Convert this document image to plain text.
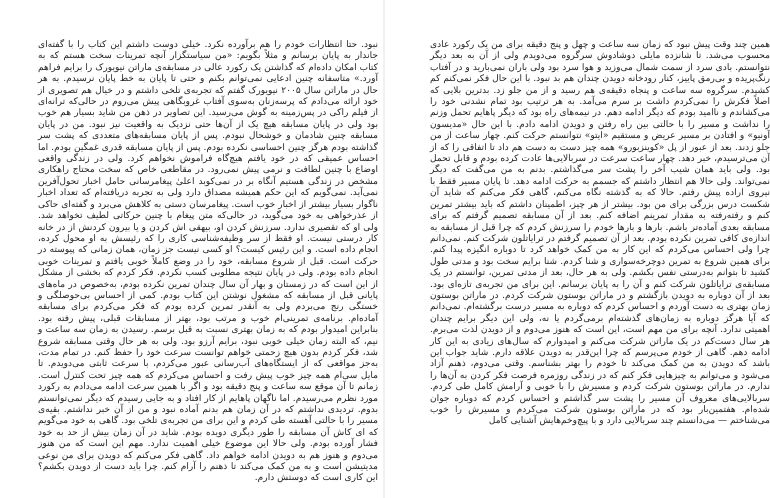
نبود. حتا انتظارات خودم را هم برآورده نکرد. خیلی دوست داشتم این کتاب را با گفته‌ای جاندار به پایان برسانم و مثلاً بگویم: «من سیاستگزار آنچه تمرینات سخت هستم که به کتاب امکان داده‌ام که گذاشتن یک رکورد عالی در مسابقه‌ی ماراتن نیویورک را برایم فراهم آورد.» متاسفانه چنین ادعایی نمی‌توانم بکنم و حتی تا پایان به خط پایان نرسیدم. به هر حال در ماراتن سال ۲۰۰۵ نیویورک گفتم که تجربه‌ی تلخی داشتم و در خیال هم تصویری از خود ارائه می‌دادم که پرسه‌زنان به‌سوی آفتاب غروبگاهی پیش می‌روم در حالی‌که ترانه‌ای از فیلم راکی در پس‌زمینه به گوش می‌رسید. این تصاویر در ذهن من شاید بسیار هم خوب بود ولی در پایان مسابقه هیچ یک از آن‌ها حتی نزدیک به واقعیت نیز نبود. من در پایان مسابقه چنین شادمان و خوشحال نبودم. پس از پایان مسابقه‌های متعددی که پشت سر گذاشته بودم هرگز چنین احساسی نکرده بودم. پس از پایان مسابقه قدری غمگین بودم. اما احساس عمیقی که در خود یافتم هیچ‌گاه فراموش نخواهم کرد. ولی در زندگی واقعی اوضاع با چنین لطافت و نرمی پیش نمی‌رود. در مقاطعی خاص که سخت محتاج راهکاری مشخص در زندگی هستیم آنگاه بر در نمی‌کوبد اعلیٰ پیغامرسانی حامل اخبار تحول‌آفرین نمی‌آید. نمی‌گویم که این حکم همیشه مصداق دارد ولی به تجربه دریافته‌ام که تعداد اخبار ناگوار بسیار بیشتر از اخبار خوب است. پیغامرسان دستی به کلاهش می‌برد و گفته‌ای حاکی از عذرخواهی به خود می‌گوید، در حالی‌که متن پیغام با چنین حرکاتی لطیف تخواهد شد. ولی او که تقصیری ندارد. سرزنش کردن او، بیهقی اش کردن و یا بیرون کردنش از در خانه کار درستی نیست. او فقط از سر وظیفه‌شناسی کاری را که رئیسش به او محول کرده، انجام داده است. و این رئیس کیست؟ او کسی نیست جز زمان، همان زمانی که پیوسته در حرکت است. قبل از شروع مسابقه، خود را در وضع کاملاً خوبی یافتم و تمرینات خوبی انجام داده بودم. ولی در پایان نتیجه مطلوبی کسب نکردم. فکر کردم که بخشی از مشکل از این است که در زمستان و بهار آن سال چندان تمرین نکرده بودم، به‌خصوص در ماه‌های پایانی قبل از مسابقه که مشغول نوشتن این کتاب بودم. کمی از احساس بی‌حوصلگی و خستگی رنج می‌بردم ولی به آنقدر تمرین کرده بودم که فکر می‌کردم برای مسابقه آماده‌ام. برنامه‌ی تمرینی‌ام خوب و مرتب بود، بهتر از مسابقات قبلی، پیش رفته بود. بنابراین امیدوار بودم که به زمان بهتری نسبت به قبل برسم. رسیدن به زمان سه ساعت و نیم، که البته زمان خیلی خوبی نبود، برایم آرزو بود. ولی به هر حال وقتی مسابقه شروع شد، فکر کردم بدون هیچ زحمتی خواهم توانست سرعت خود را حفظ کنم. در تمام مدت، به‌جز مواقعی که از ایستگاه‌های آب‌رسانی عبور می‌کردم، با سرعت ثابتی می‌دویدم. تا مایل سی‌ام همه چیز خوب پیش رفت و احساس می‌کردم که همه چیز تحت کنترل است. زمانم تا آن موقع سه ساعت و پنج دقیقه بود و اگر با همین سرعت ادامه می‌دادم به رکورد مورد نظرم می‌رسیدم. اما ناگهان پاهایم از کار افتاد و به جایی رسیدم که دیگر نمی‌توانستم بدوم. تردیدی نداشتم که در آن زمان هم بدنم آماده نبود و من از آن خبر نداشتم. بقیه‌ی مسیر را با حالتی آهسته طی کردم و این برای من تجربه‌ی تلخی بود. گاهی به خود می‌گویم که ای کاش آن مسابقه را طور دیگری دویده بودم. شاید در آن زمان بیش از حد به خود فشار آورده بودم. ولی حالا این موضوع خیلی اهمیت ندارد. مهم این است که من هنوز می‌دوم و هنوز هم به دویدن ادامه خواهم داد. گاهی فکر می‌کنم که دویدن برای من نوعی مدیتیشن است و به من کمک می‌کند تا ذهنم را آرام کنم. چرا باید دست از دویدن بکشم؟ این کاری است که دوستش دارم.

همین چند وقت پیش نبود که زمان سه ساعت و چهل و پنج دقیقه برای من یک رکورد عادی محسوب می‌شد. تا شانزده مایلی دوشادوش سرگروه می‌دویدم ولی از آن به بعد دیگر نتوانستم. بادی سرد از سمت شمال می‌وزید و هوا سرد بود ولی باران نمی‌بارید و در آفتاب رنگ‌پریده و بی‌رمق پاییز، کنار رودخانه دویدن چندان هم بد نبود. با این حال فکر نمی‌کنم کم کشیدم. سرگروه سه ساعت و پنجاه دقیقه‌ی هم رسید و از من جلو زد. بدترین بلایی که اصلاً فکرش را نمی‌کردم داشت بر سرم می‌آمد. به هر ترتیب بود تمام نشدنی خود را می‌کشاندم و ناامید بودم که دیگر ادامه دهم. در نیمه‌های راه بود که دیگر پاهایم تحمل وزنم را نداشت و مسیر را با حالتی بین راه رفتن و دویدن ادامه دادم. با این حال «مدیسون آونیو» و افتادن بر مسیر عریض و مستقیم «ایتو» نتوانستم حرکت کنم. چهار ساعت از من جلو زدند. بعد از عبور از پل «کوینزبورو» همه چیز دست به دست هم داد تا اتفاقی را که از آن می‌ترسیدم، خبر دهد. چهار ساعت سرعت در سربالایی‌ها عادت کرده بودم و قابل تحمل بود. ولی باید همان شیب آخر را پشت سر می‌گذاشتم. بدنم به من می‌گفت که دیگر نمی‌تواند. ولی حالا هم انتظار داشتم که جسمم به حرکت ادامه دهد. تا پایان مسیر فقط با نیروی اراده پیش رفتم. حالا که به گذشته نگاه می‌کنم، گاهی فکر می‌کنم که شاید آن شکست درس بزرگی برای من بود. بیشتر از هر چیز، اطمینان داشتم که باید بیشتر تمرین کنم و رفته‌رفته به مقدار تمرینم اضافه کنم. بعد از آن مسابقه تصمیم گرفتم که برای مسابقه بعدی آماده‌تر باشم. بارها و بارها خودم را سرزنش کردم که چرا قبل از مسابقه به اندازه‌ی کافی تمرین نکرده بودم. بعد از آن تصمیم گرفتم در ترایاتلون شرکت کنم. نمی‌دانم چرا ولی احساس می‌کردم که این کار به من کمک خواهد کرد تا دوباره انگیزه پیدا کنم. برای همین شروع به تمرین دوچرخه‌سواری و شنا کردم. شنا برایم سخت بود و مدتی طول کشید تا بتوانم به‌درستی نفس بکشم. ولی به هر حال، بعد از مدتی تمرین، توانستم در یک مسابقه‌ی ترایاتلون شرکت کنم و آن را به پایان برسانم. این برای من تجربه‌ی تازه‌ای بود. بعد از آن دوباره به دویدن بازگشتم و در ماراتن بوستون شرکت کردم. در ماراتن بوستون زمان بهتری به دست آوردم و احساس کردم که دوباره به مسیر درست برگشته‌ام. نمی‌دانم که آیا هرگز دوباره به زمان‌های گذشته‌ام برمی‌گردم یا نه، ولی این دیگر برایم چندان اهمیتی ندارد. آنچه برای من مهم است، این است که هنوز می‌دوم و از دویدن لذت می‌برم. هر سال دست‌کم در یک ماراتن شرکت می‌کنم و امیدوارم که سال‌های زیادی به این کار ادامه دهم. گاهی از خودم می‌پرسم که چرا این‌قدر به دویدن علاقه دارم. شاید جواب این باشد که دویدن به من کمک می‌کند تا خودم را بهتر بشناسم. وقتی می‌دوم، ذهنم آزاد می‌شود و می‌توانم به چیزهایی فکر کنم که در زندگی روزمره فرصت فکر کردن به آن‌ها را ندارم. در ماراتن بوستون شرکت کردم و مسیرش را با خوبی و آرامش کامل طی کردم. سربالایی‌های معروف آن مسیر را پشت سر گذاشتم و احساس کردم که دوباره جوان شده‌ام. هفتمین‌بار بود که در ماراتن بوستون شرکت می‌کردم و مسیرش را خوب می‌شناختم — می‌دانستم چند سربالایی دارد و با پیچ‌وخم‌هایش آشنایی کامل
